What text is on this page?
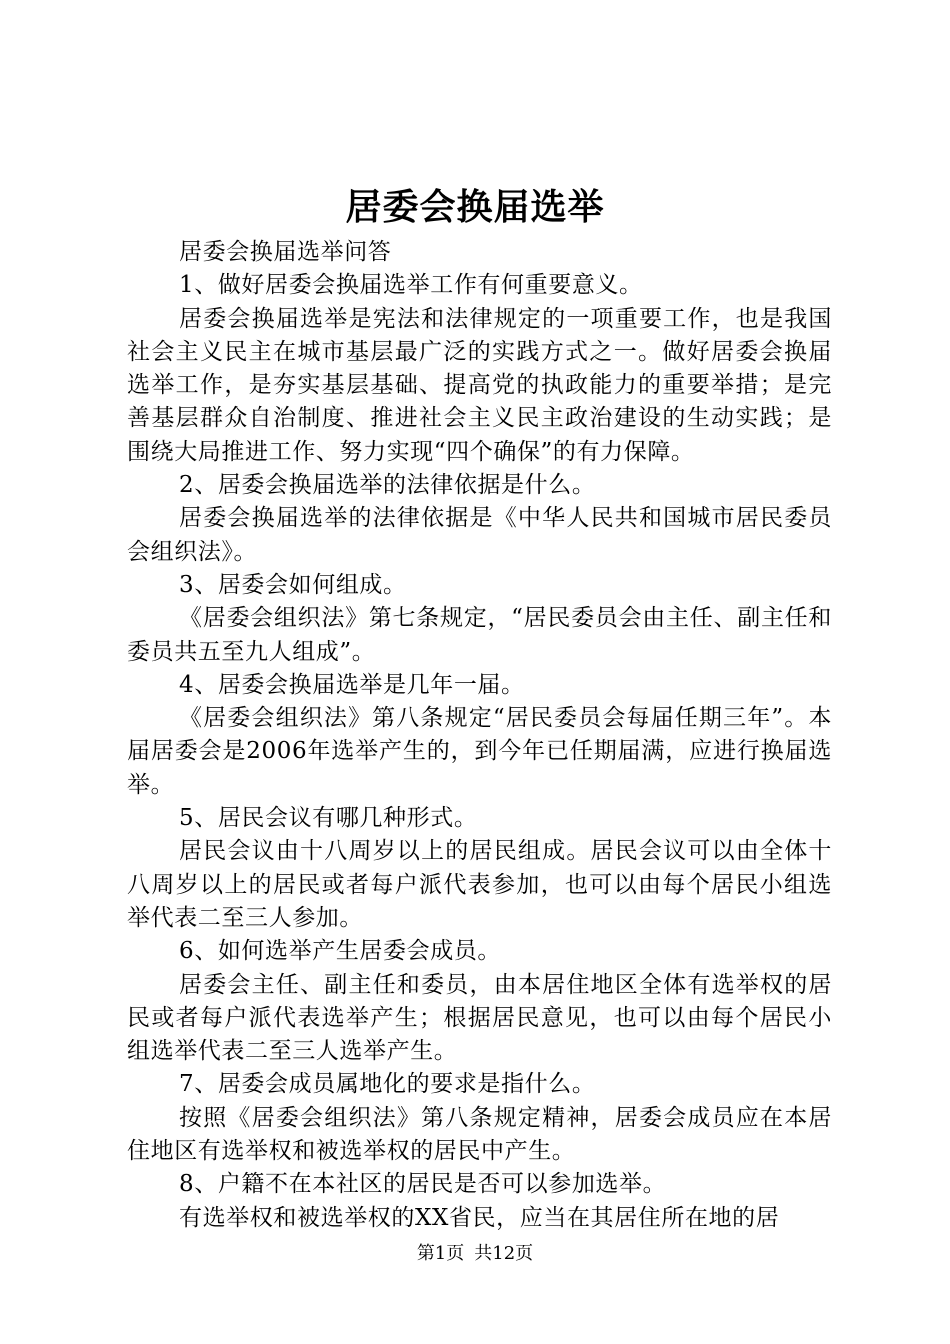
居委会换届选举

居委会换届选举问答

1、做好居委会换届选举工作有何重要意义。

居委会换届选举是宪法和法律规定的一项重要工作，也是我国社会主义民主在城市基层最广泛的实践方式之一。做好居委会换届选举工作，是夯实基层基础、提高党的执政能力的重要举措；是完善基层群众自治制度、推进社会主义民主政治建设的生动实践；是围绕大局推进工作、努力实现“四个确保”的有力保障。

2、居委会换届选举的法律依据是什么。

居委会换届选举的法律依据是《中华人民共和国城市居民委员会组织法》。

3、居委会如何组成。

《居委会组织法》第七条规定，“居民委员会由主任、副主任和委员共五至九人组成”。

4、居委会换届选举是几年一届。

《居委会组织法》第八条规定“居民委员会每届任期三年”。本届居委会是2006年选举产生的，到今年已任期届满，应进行换届选举。

5、居民会议有哪几种形式。

居民会议由十八周岁以上的居民组成。居民会议可以由全体十八周岁以上的居民或者每户派代表参加，也可以由每个居民小组选举代表二至三人参加。

6、如何选举产生居委会成员。

居委会主任、副主任和委员，由本居住地区全体有选举权的居民或者每户派代表选举产生；根据居民意见，也可以由每个居民小组选举代表二至三人选举产生。

7、居委会成员属地化的要求是指什么。

按照《居委会组织法》第八条规定精神，居委会成员应在本居住地区有选举权和被选举权的居民中产生。

8、户籍不在本社区的居民是否可以参加选举。

有选举权和被选举权的XX省民，应当在其居住所在地的居

第1页 共12页
